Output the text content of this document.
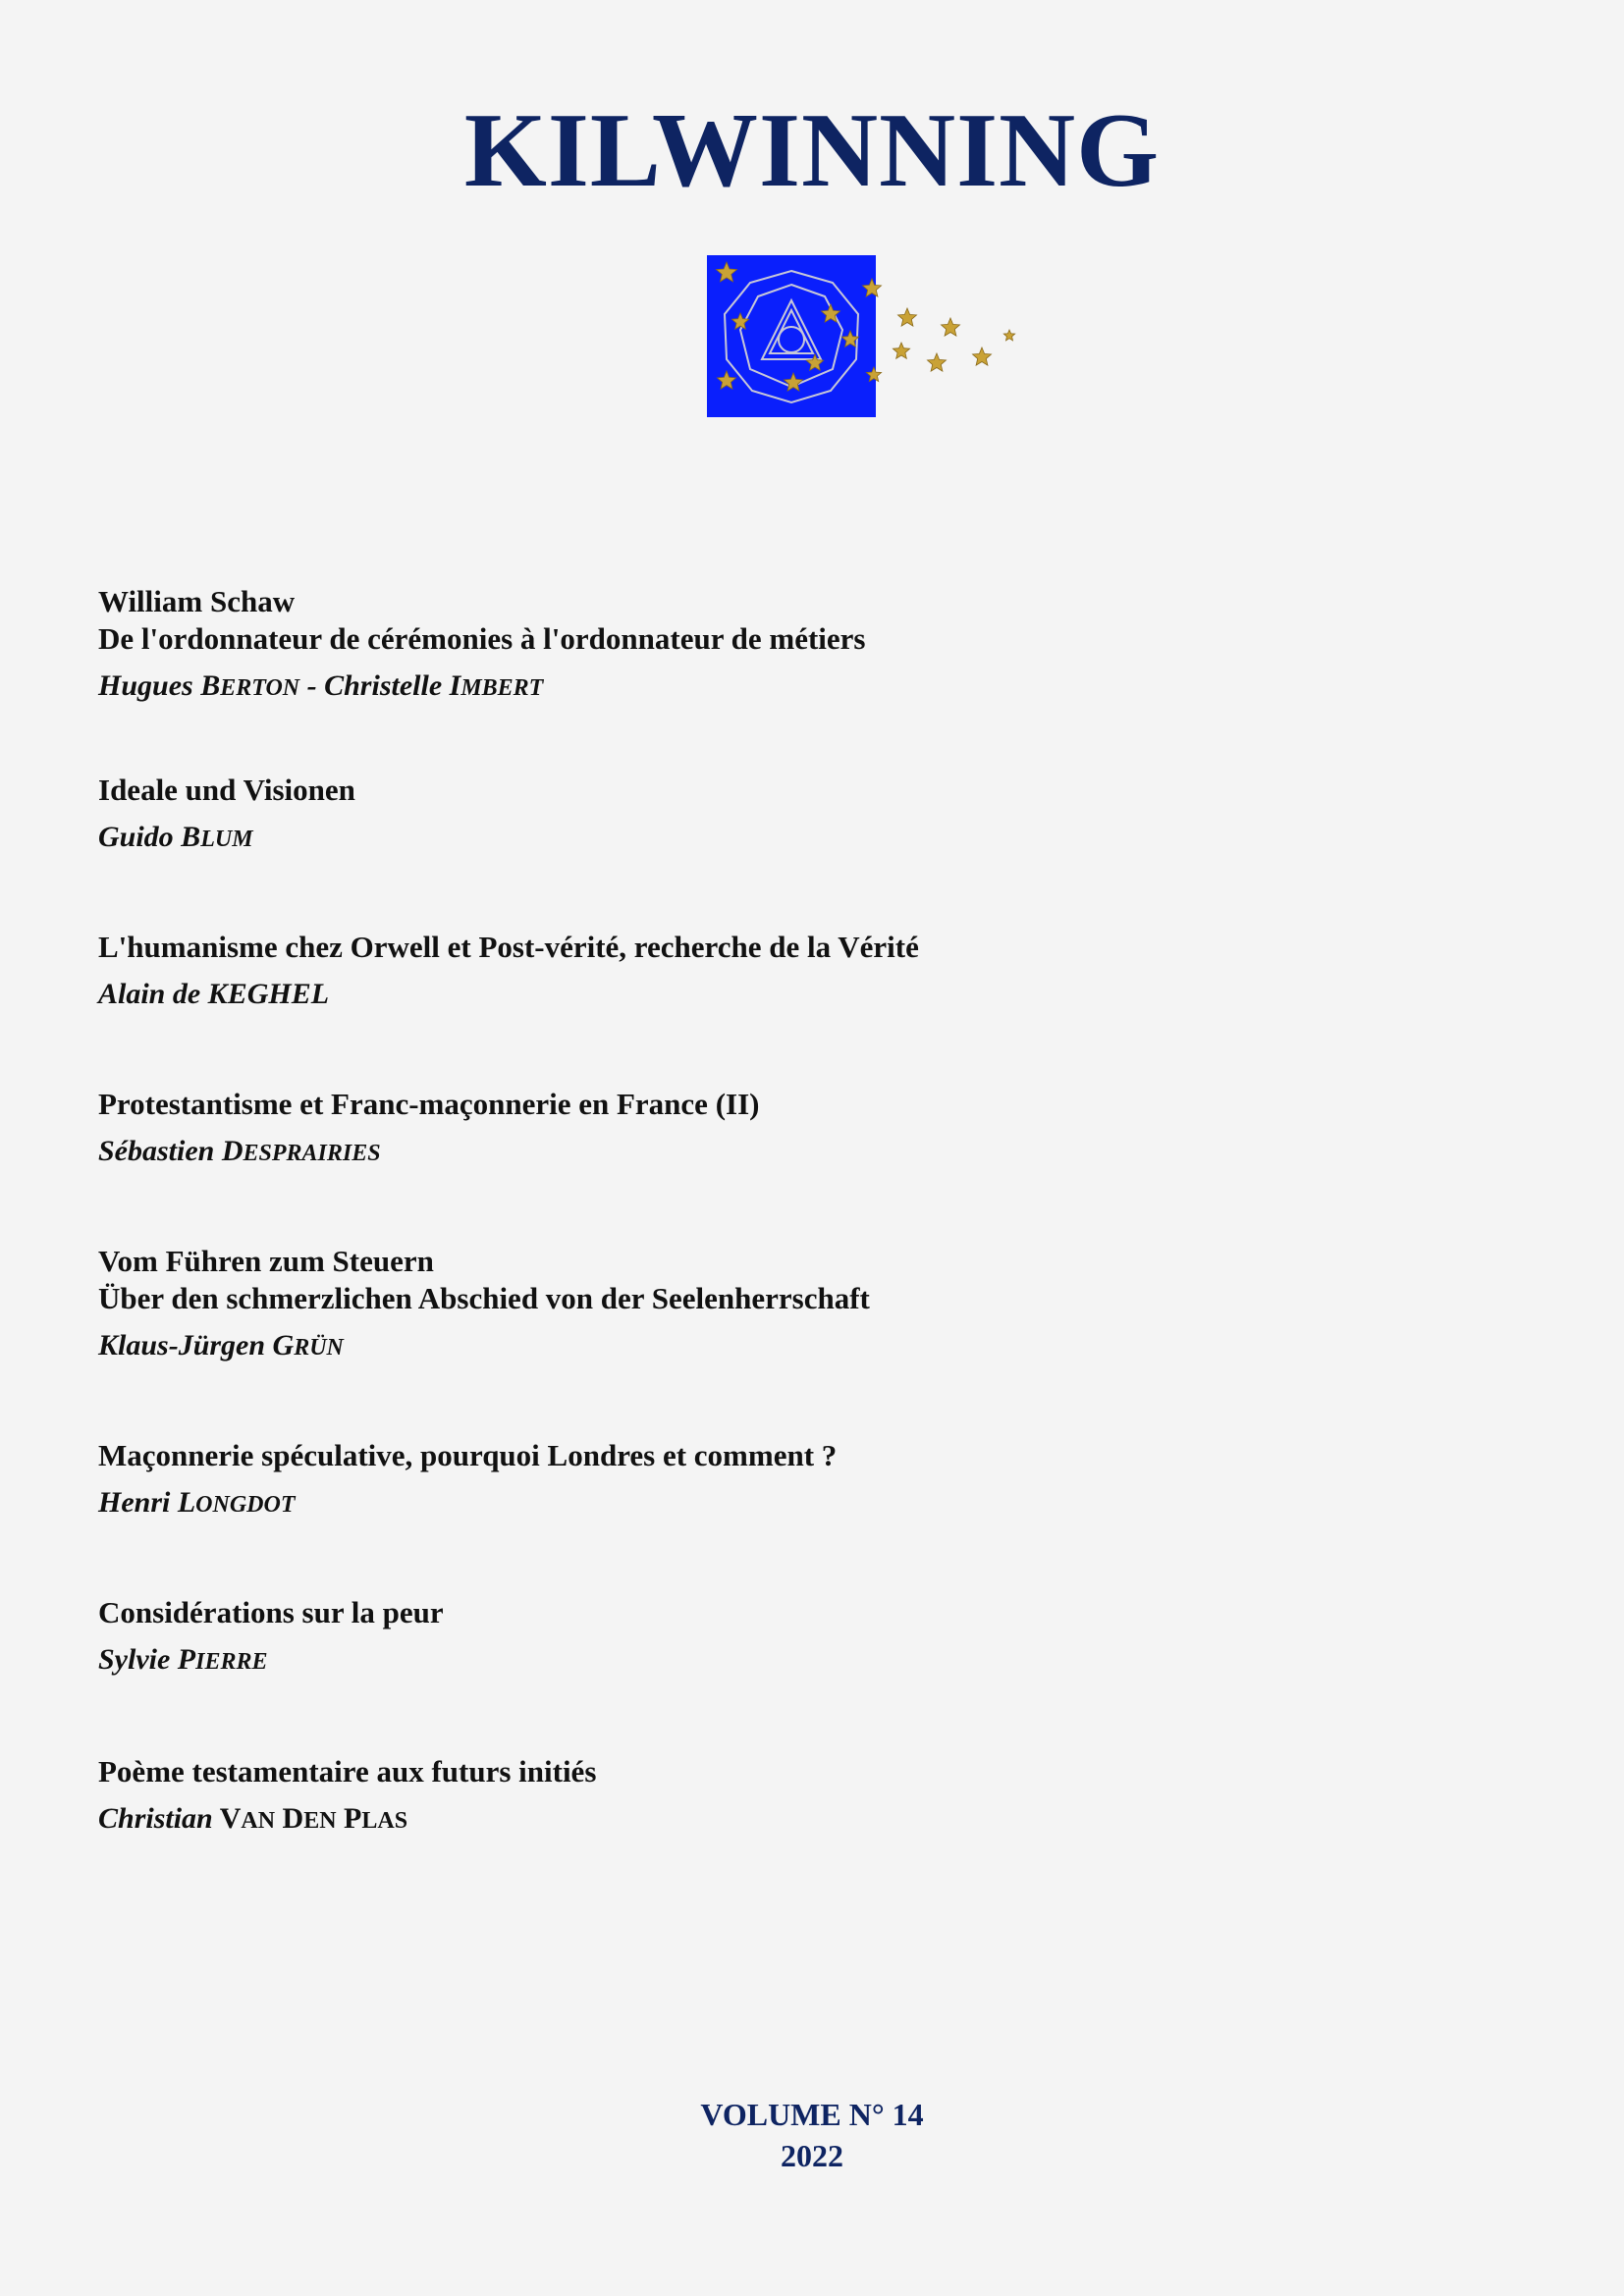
KILWINNING

William Schaw

De l'ordonnateur de cérémonies à l'ordonnateur de métiers

Hugues BERTON - Christelle IMBERT

Ideale und Visionen

Guido BLUM

L'humanisme chez Orwell et Post-vérité, recherche de la Vérité

Alain de KEGHEL

Protestantisme et Franc-maçonnerie en France (II)

Sébastien DESPRAIRIES

Vom Führen zum Steuern

Über den schmerzlichen Abschied von der Seelenherrschaft

Klaus-Jürgen GRÜN

Maçonnerie spéculative, pourquoi Londres et comment ?

Henri LONGDOT

Considérations sur la peur

Sylvie PIERRE

Poème testamentaire aux futurs initiés

Christian VAN DEN PLAS
VOLUME N° 14
2022
